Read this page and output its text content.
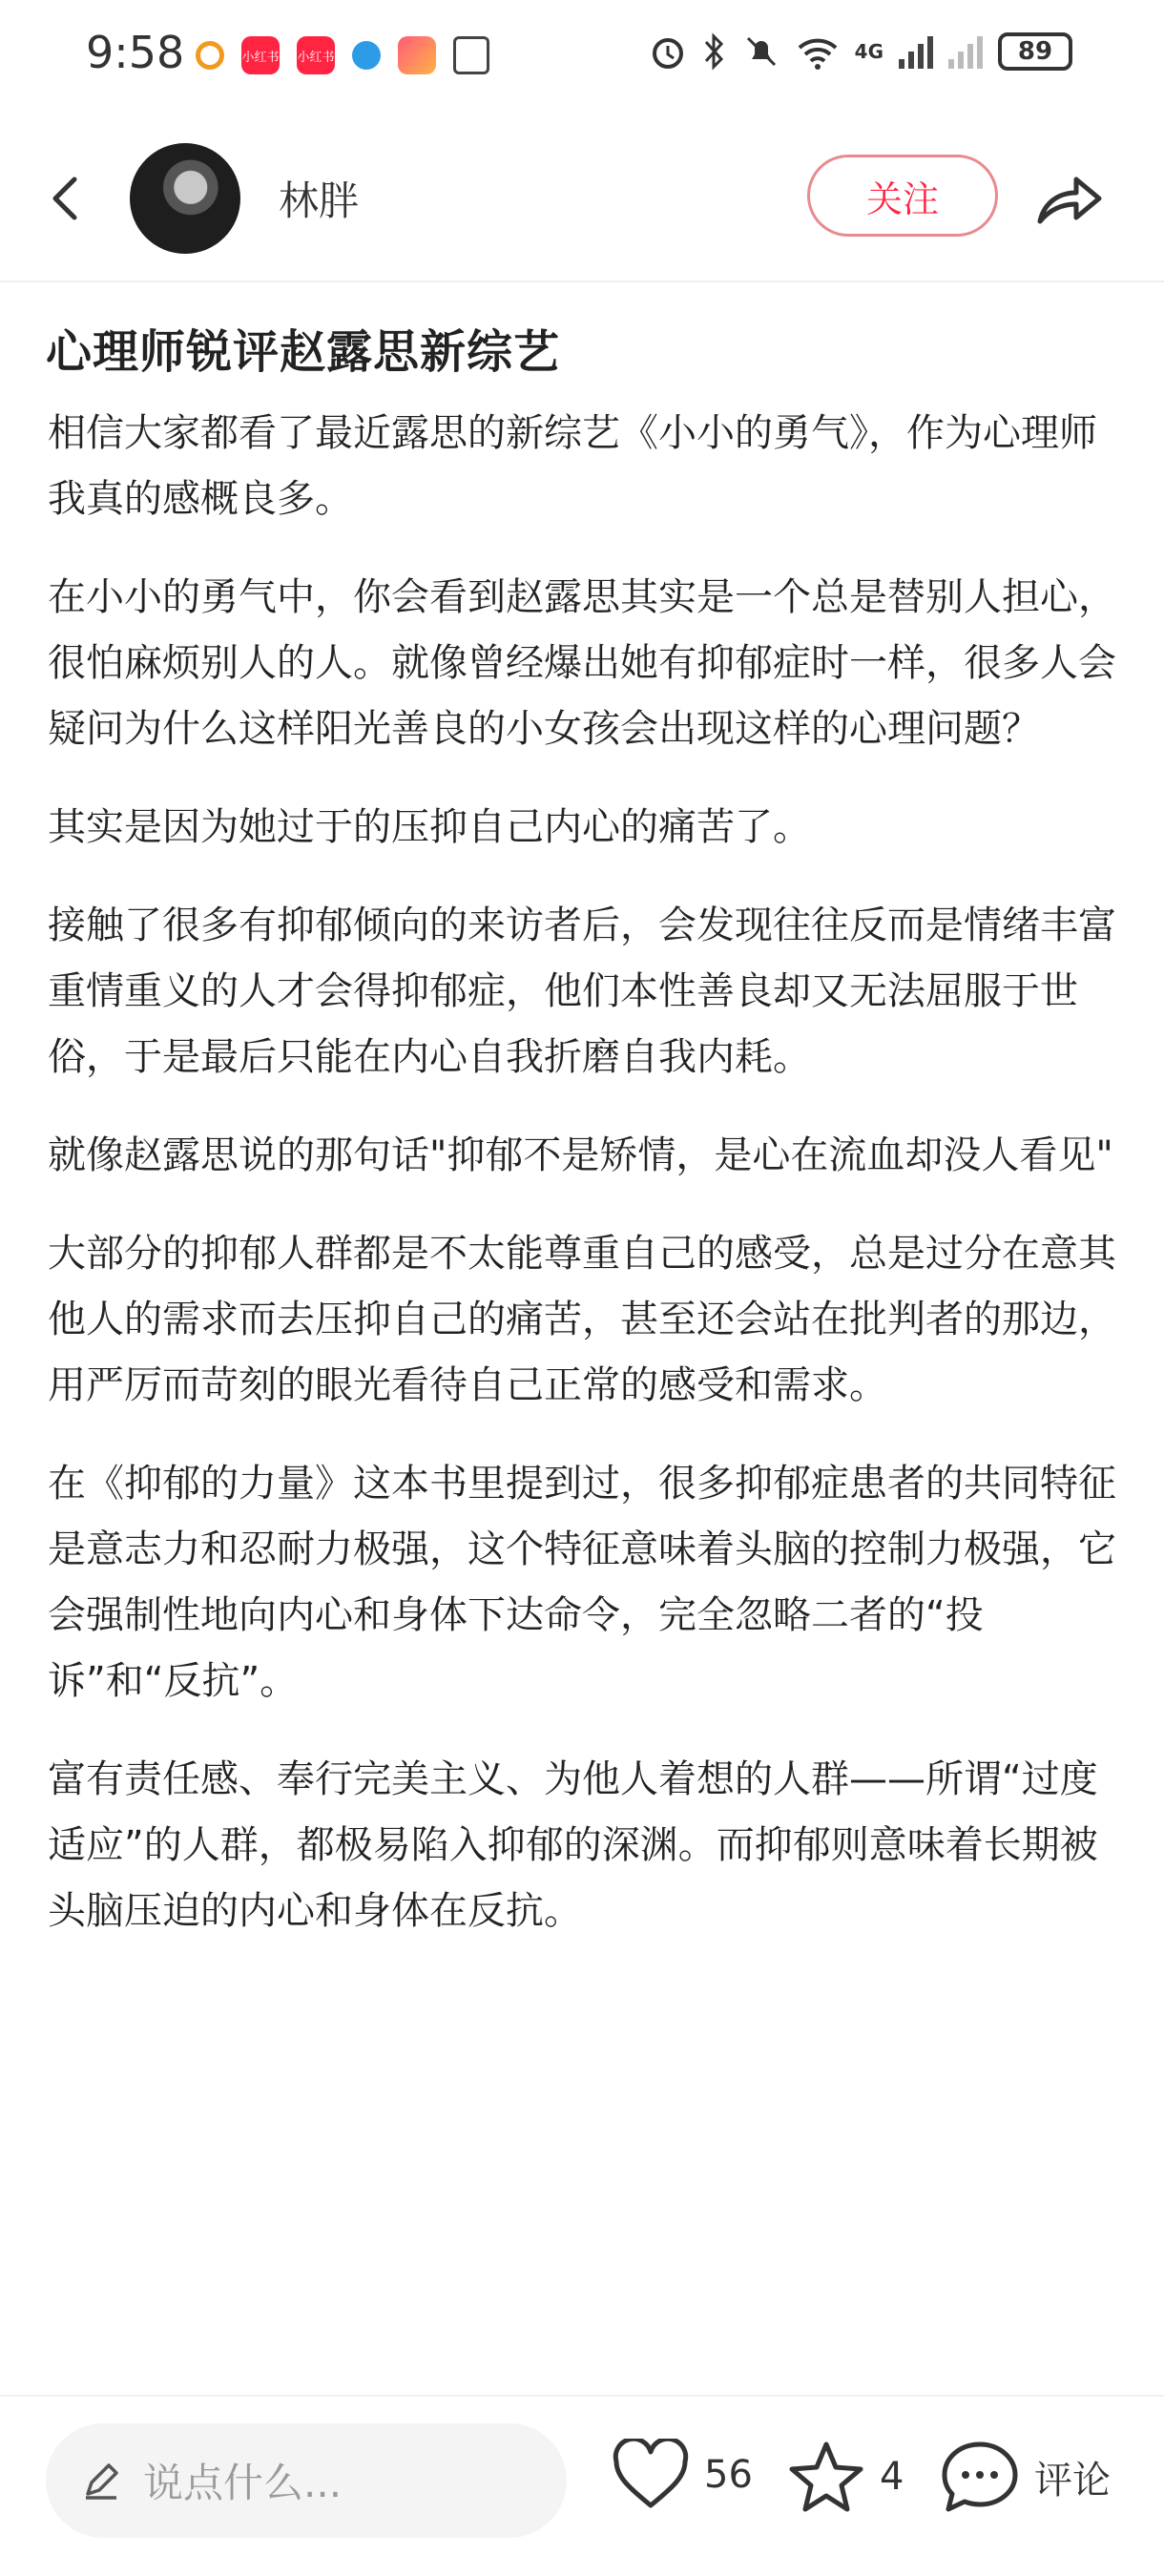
9:58	小红书 小红书	4G	89
林胖	关注
心理师锐评赵露思新综艺

相信大家都看了最近露思的新综艺《小小的勇气》，作为心理师我真的感概良多。

在小小的勇气中，你会看到赵露思其实是一个总是替别人担心，很怕麻烦别人的人。就像曾经爆出她有抑郁症时一样，很多人会疑问为什么这样阳光善良的小女孩会出现这样的心理问题？

其实是因为她过于的压抑自己内心的痛苦了。

接触了很多有抑郁倾向的来访者后，会发现往往反而是情绪丰富重情重义的人才会得抑郁症，他们本性善良却又无法屈服于世俗，于是最后只能在内心自我折磨自我内耗。

就像赵露思说的那句话"抑郁不是矫情，是心在流血却没人看见"

大部分的抑郁人群都是不太能尊重自己的感受，总是过分在意其他人的需求而去压抑自己的痛苦，甚至还会站在批判者的那边，用严厉而苛刻的眼光看待自己正常的感受和需求。

在《抑郁的力量》这本书里提到过，很多抑郁症患者的共同特征是意志力和忍耐力极强，这个特征意味着头脑的控制力极强，它会强制性地向内心和身体下达命令，完全忽略二者的“投诉”和“反抗”。

富有责任感、奉行完美主义、为他人着想的人群——所谓“过度适应”的人群，都极易陷入抑郁的深渊。而抑郁则意味着长期被头脑压迫的内心和身体在反抗。

说点什么...	56	4	评论
